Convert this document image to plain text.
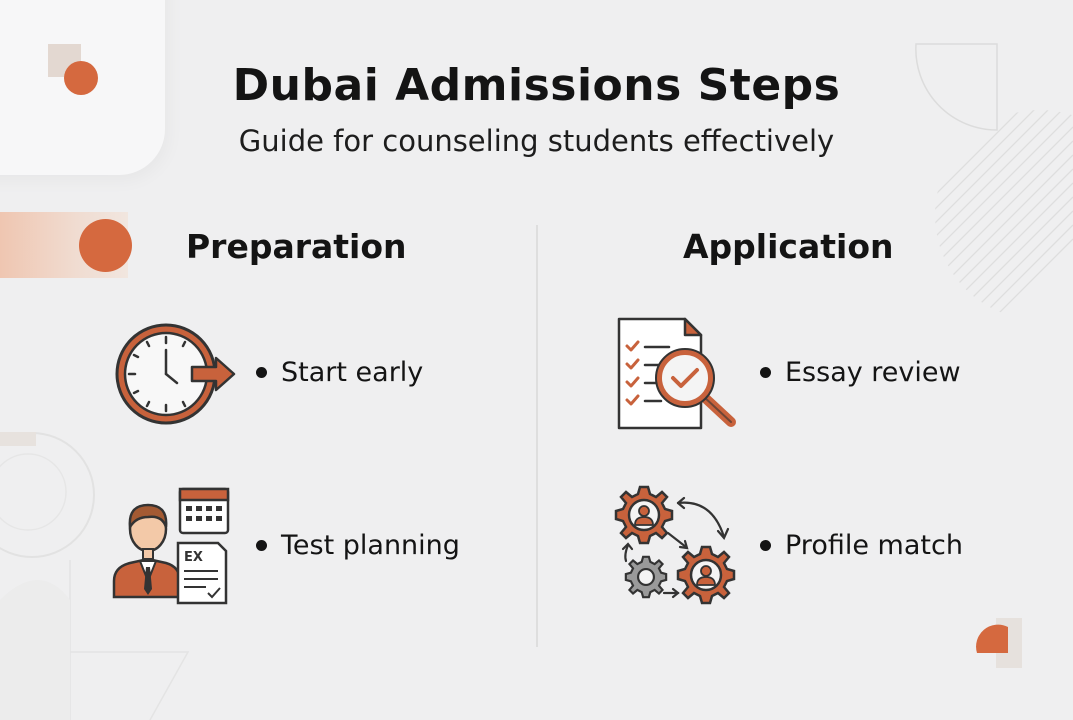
Dubai Admissions Steps
Guide for counseling students effectively
Preparation	Application
EX
Start early
Test planning
Essay review
Profile match
